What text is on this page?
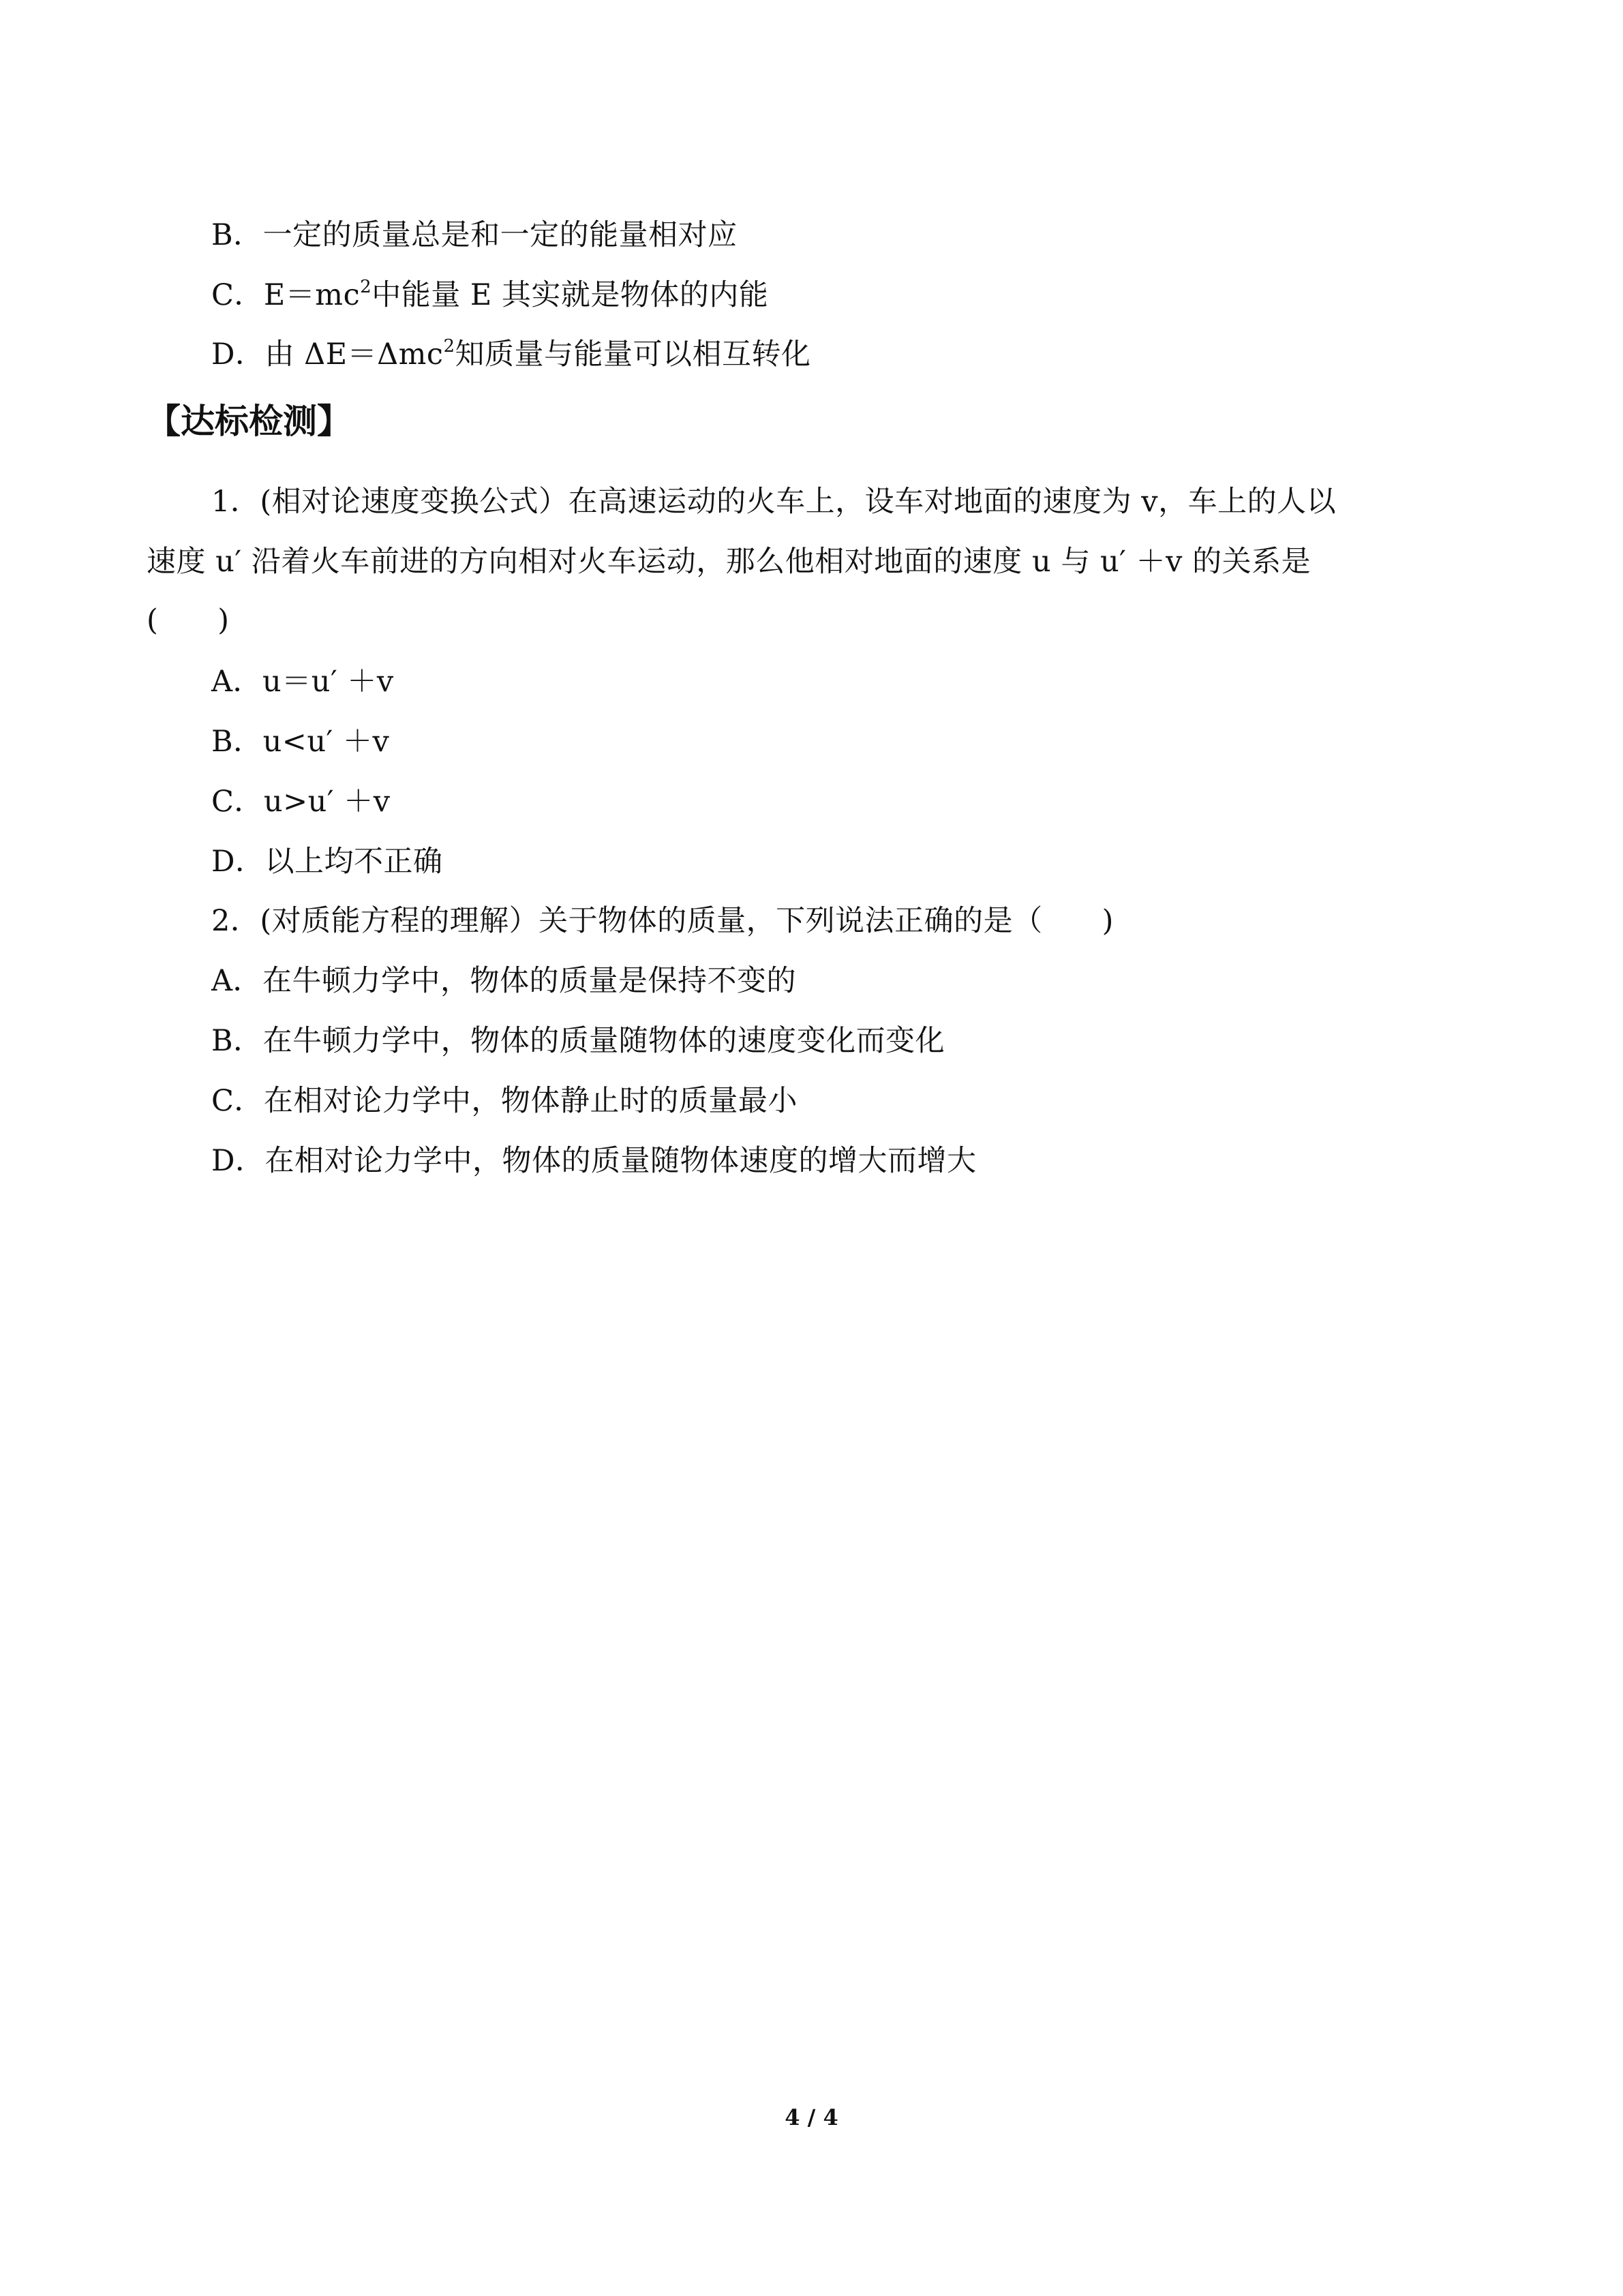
B．一定的质量总是和一定的能量相对应
C．$E=mc^2$中能量 E 其实就是物体的内能
D．由 ΔE＝Δmc$^2$知质量与能量可以相互转化
【达标检测】
1．(相对论速度变换公式）在高速运动的火车上，设车对地面的速度为 v，车上的人以
速度 u′ 沿着火车前进的方向相对火车运动，那么他相对地面的速度 u 与 u′ ＋v 的关系是
(　　)
A．u＝u′ ＋v
B．u<u′ ＋v
C．u>u′ ＋v
D．以上均不正确
2．(对质能方程的理解）关于物体的质量，下列说法正确的是（　　)
A．在牛顿力学中，物体的质量是保持不变的
B．在牛顿力学中，物体的质量随物体的速度变化而变化
C．在相对论力学中，物体静止时的质量最小
D．在相对论力学中，物体的质量随物体速度的增大而增大
4 / 4
